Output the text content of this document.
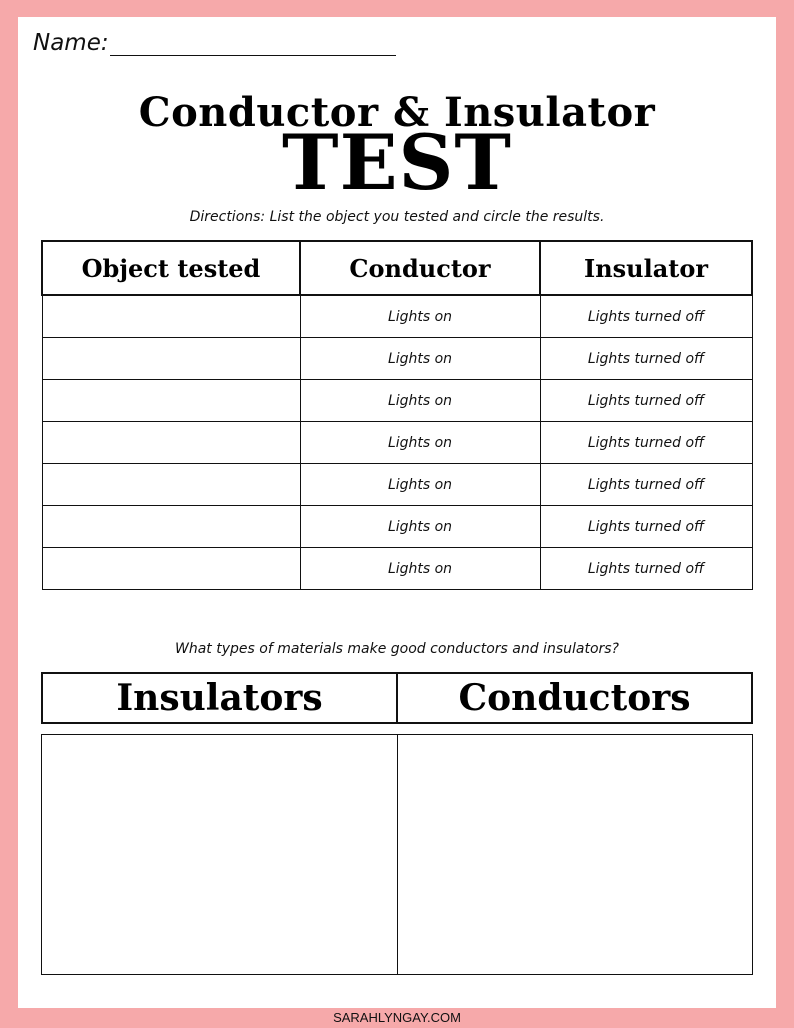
Name:
Conductor & Insulator
TEST
Directions: List the object you tested and circle the results.
Object tested	Conductor	Insulator
	Lights on	Lights turned off
	Lights on	Lights turned off
	Lights on	Lights turned off
	Lights on	Lights turned off
	Lights on	Lights turned off
	Lights on	Lights turned off
	Lights on	Lights turned off
What types of materials make good conductors and insulators?
Insulators	Conductors
SARAHLYNGAY.COM
